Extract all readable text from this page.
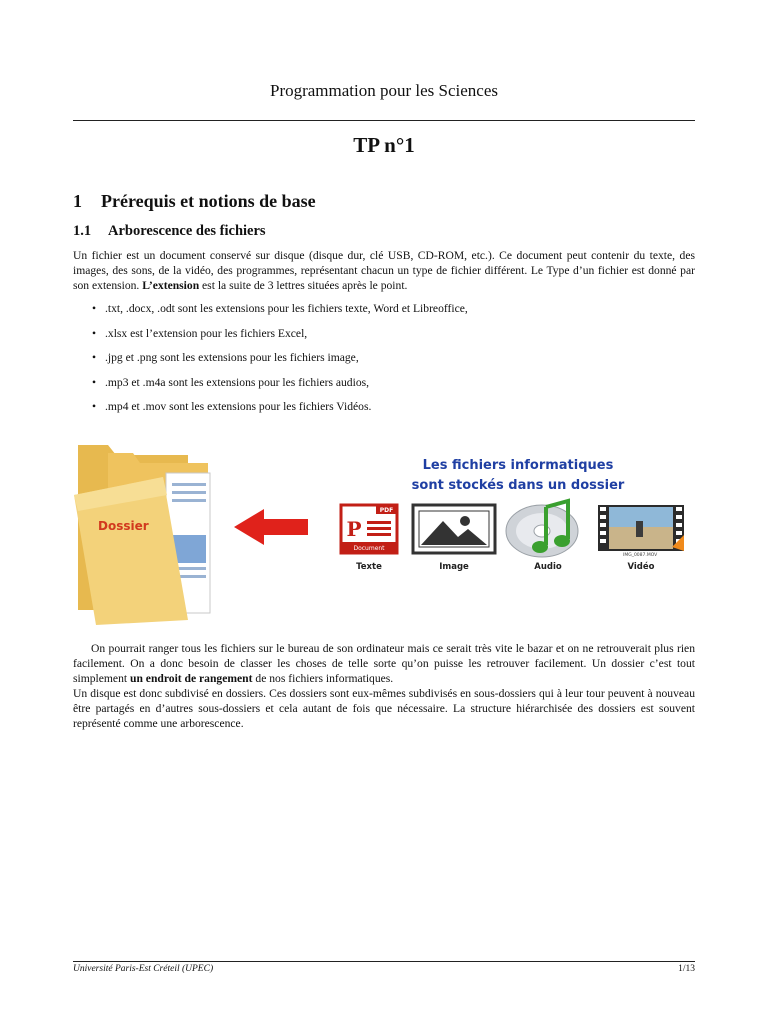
Programmation pour les Sciences
TP n°1
1 Prérequis et notions de base
1.1 Arborescence des fichiers
Un fichier est un document conservé sur disque (disque dur, clé USB, CD-ROM, etc.). Ce document peut contenir du texte, des images, des sons, de la vidéo, des programmes, représentant chacun un type de fichier différent. Le Type d’un fichier est donné par son extension. L’extension est la suite de 3 lettres situées après le point.
• .txt, .docx, .odt sont les extensions pour les fichiers texte, Word et Libreoffice,
• .xlsx est l’extension pour les fichiers Excel,
• .jpg et .png sont les extensions pour les fichiers image,
• .mp3 et .m4a sont les extensions pour les fichiers audios,
• .mp4 et .mov sont les extensions pour les fichiers Vidéos.
PDF
P
Document
Dossier
Les fichiers informatiques
sont stockés dans un dossier
Texte	Image	Audio	Vidéo
IMG_0087.MOV
On pourrait ranger tous les fichiers sur le bureau de son ordinateur mais ce serait très vite le bazar et on ne retrouverait plus rien facilement. On a donc besoin de classer les choses de telle sorte qu’on puisse les retrouver facilement. Un dossier c’est tout simplement un endroit de rangement de nos fichiers informatiques.
Un disque est donc subdivisé en dossiers. Ces dossiers sont eux-mêmes subdivisés en sous-dossiers qui à leur tour peuvent à nouveau être partagés en d’autres sous-dossiers et cela autant de fois que nécessaire. La structure hiérarchisée des dossiers est souvent représenté comme une arborescence.
Université Paris-Est Créteil (UPEC)	1/13
